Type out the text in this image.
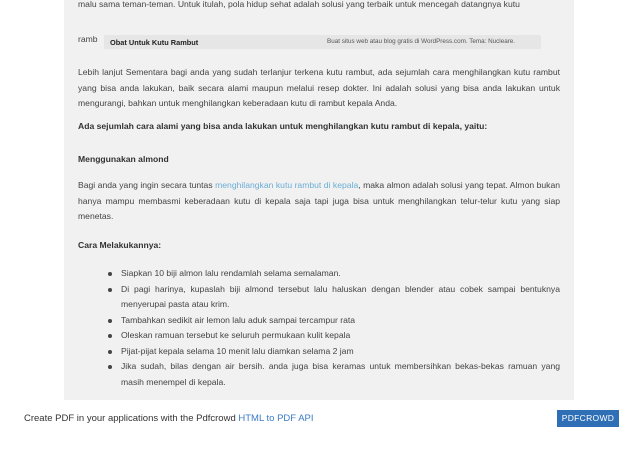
malu sama teman-teman. Untuk itulah, pola hidup sehat adalah solusi yang terbaik untuk mencegah datangnya kutu
ramb Obat Untuk Kutu Rambut	Buat situs web atau blog gratis di WordPress.com. Tema: Nucleare.
Lebih lanjut Sementara bagi anda yang sudah terlanjur terkena kutu rambut, ada sejumlah cara menghilangkan kutu rambut yang bisa anda lakukan, baik secara alami maupun melalui resep dokter. Ini adalah solusi yang bisa anda lakukan untuk mengurangi, bahkan untuk menghilangkan keberadaan kutu di rambut kepala Anda.
Ada sejumlah cara alami yang bisa anda lakukan untuk menghilangkan kutu rambut di kepala, yaitu:
Menggunakan almond
Bagi anda yang ingin secara tuntas menghilangkan kutu rambut di kepala, maka almon adalah solusi yang tepat. Almon bukan hanya mampu membasmi keberadaan kutu di kepala saja tapi juga bisa untuk menghilangkan telur-telur kutu yang siap menetas.
Cara Melakukannya:
Siapkan 10 biji almon lalu rendamlah selama semalaman.
Di pagi harinya, kupaslah biji almond tersebut lalu haluskan dengan blender atau cobek sampai bentuknya menyerupai pasta atau krim.
Tambahkan sedikit air lemon lalu aduk sampai tercampur rata
Oleskan ramuan tersebut ke seluruh permukaan kulit kepala
Pijat-pijat kepala selama 10 menit lalu diamkan selama 2 jam
Jika sudah, bilas dengan air bersih. anda juga bisa keramas untuk membersihkan bekas-bekas ramuan yang masih menempel di kepala.
Create PDF in your applications with the Pdfcrowd HTML to PDF API	PDFCROWD
